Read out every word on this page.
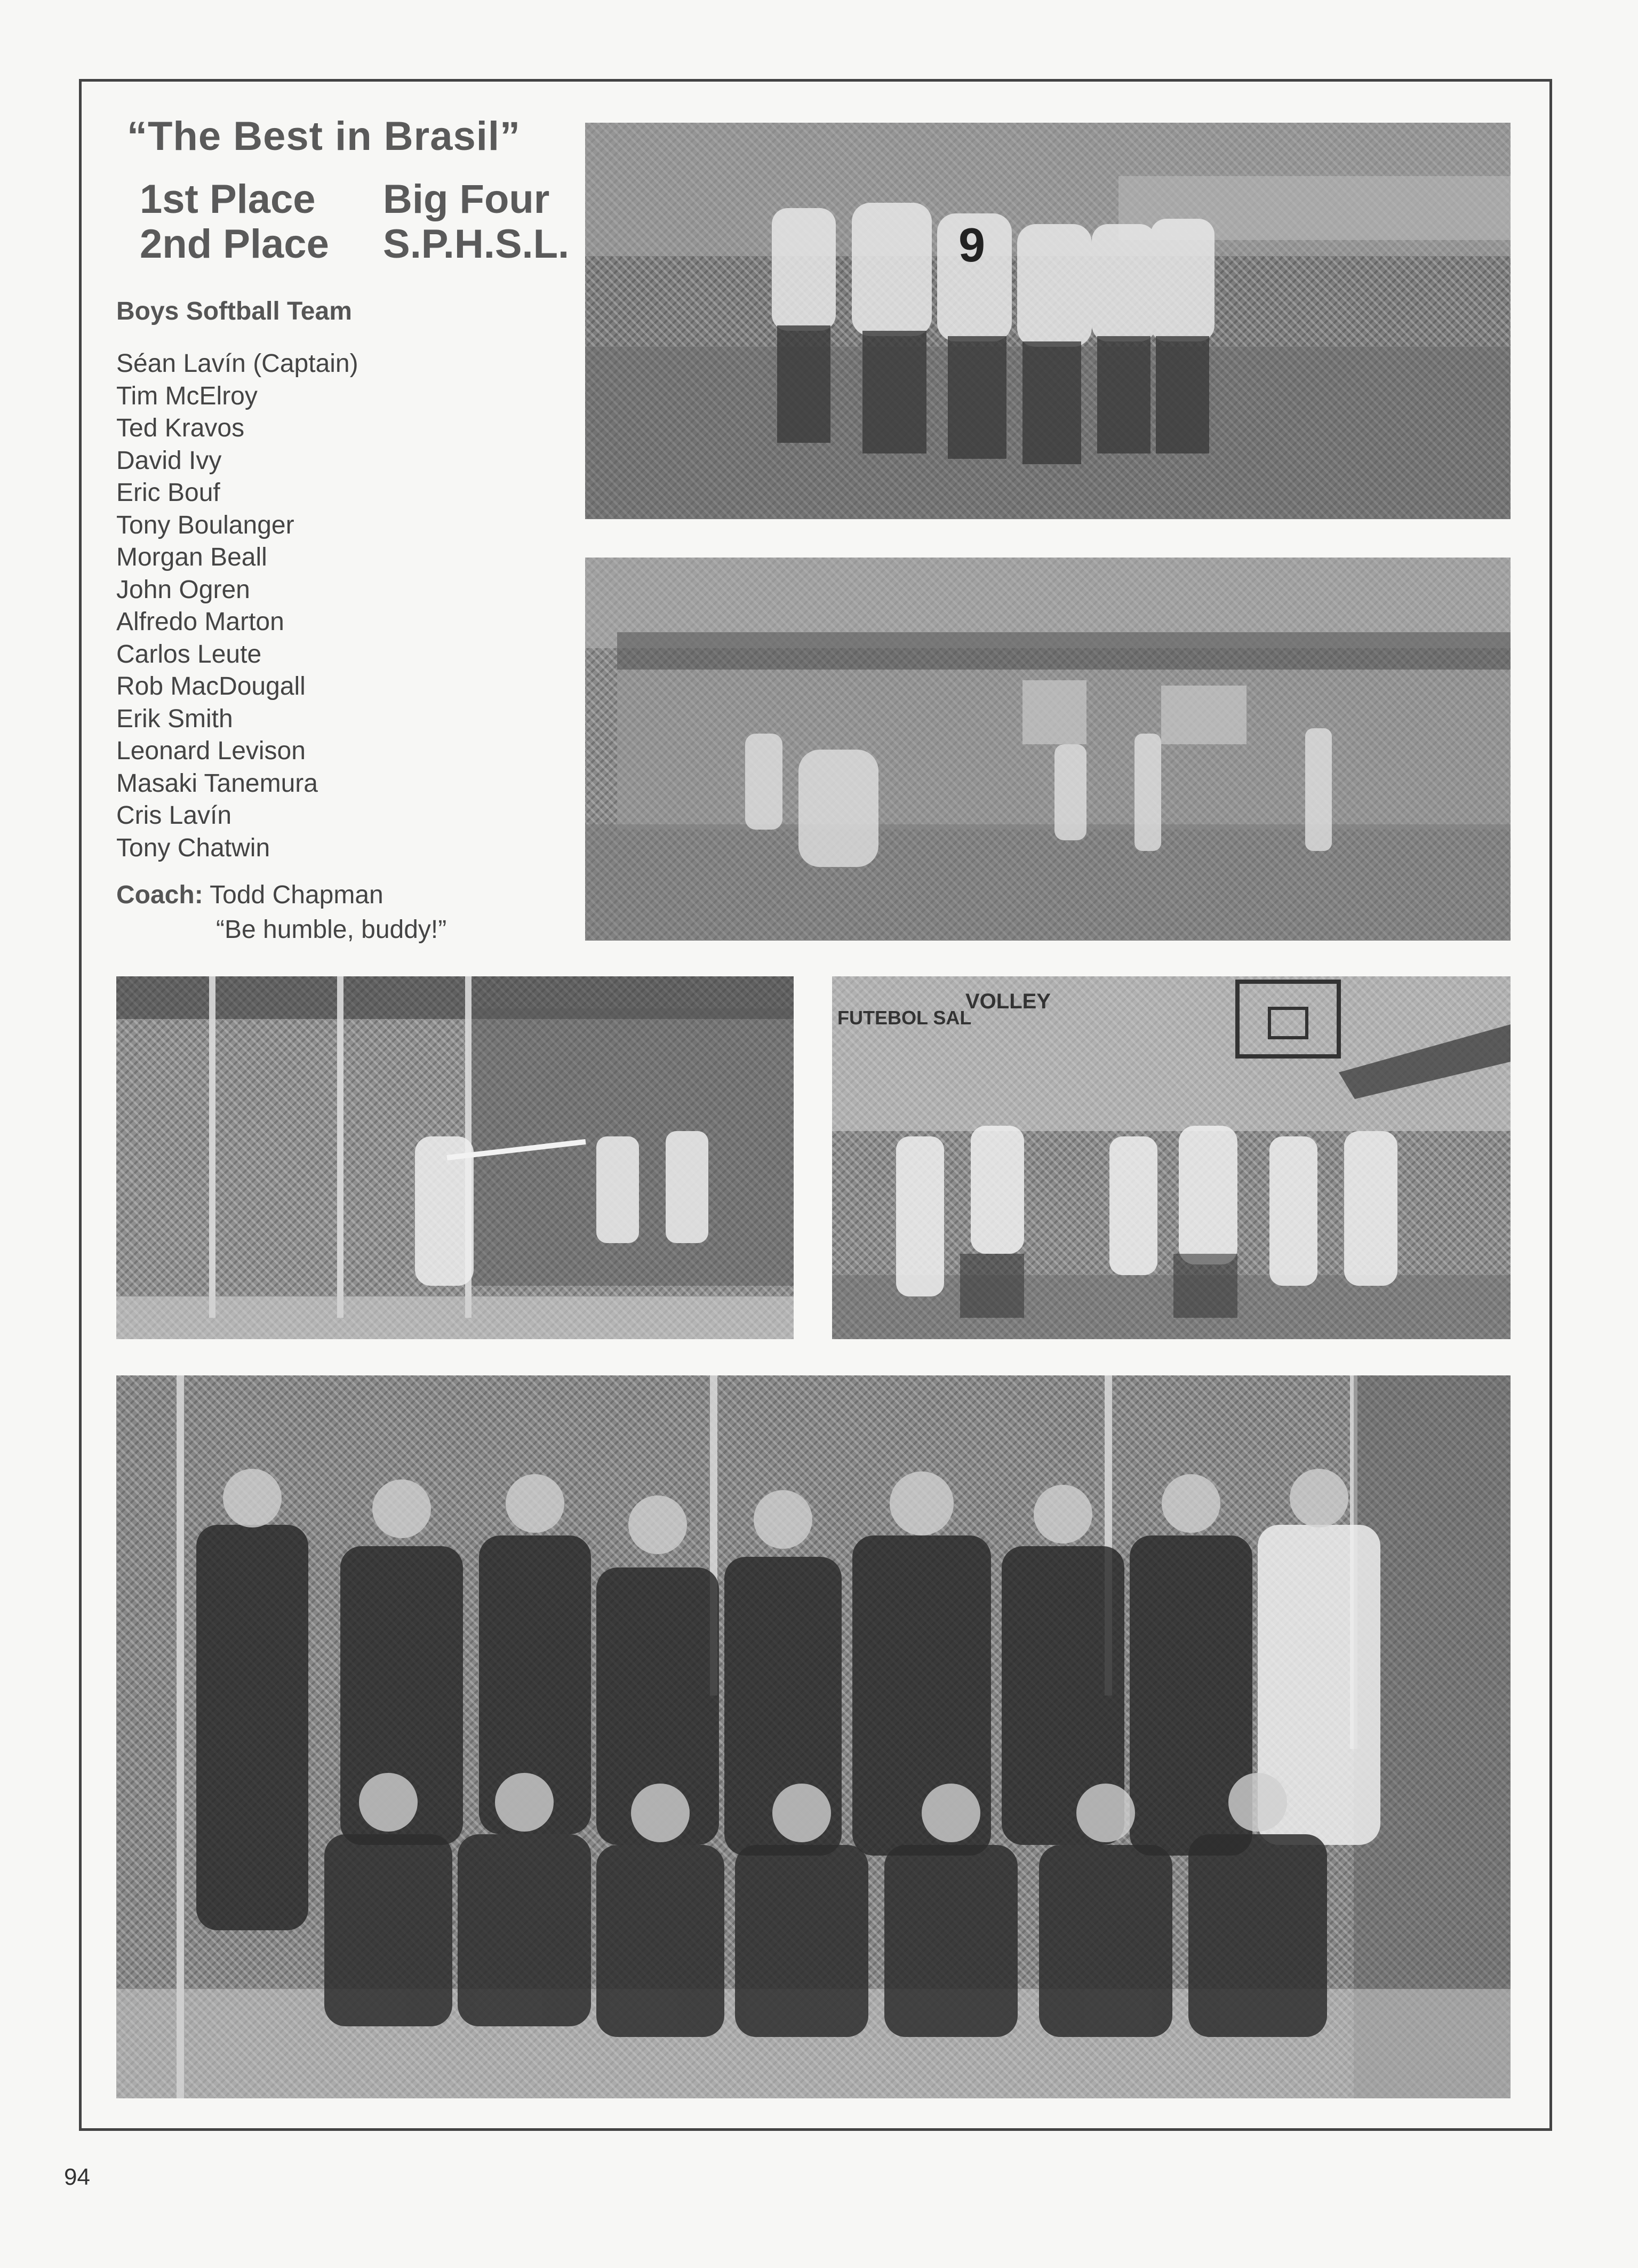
“The Best in Brasil”
1st Place Big Four
2nd Place S.P.H.S.L.
Boys Softball Team
Séan Lavín (Captain)
Tim McElroy
Ted Kravos
David Ivy
Eric Bouf
Tony Boulanger
Morgan Beall
John Ogren
Alfredo Marton
Carlos Leute
Rob MacDougall
Erik Smith
Leonard Levison
Masaki Tanemura
Cris Lavín
Tony Chatwin
Coach: Todd Chapman
“Be humble, buddy!”
9
FUTEBOL SAL
VOLLEY
94
